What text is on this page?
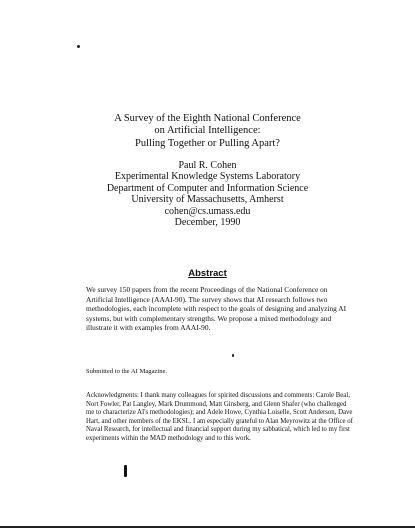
A Survey of the Eighth National Conference
on Artificial Intelligence:
Pulling Together or Pulling Apart?
Paul R. Cohen
Experimental Knowledge Systems Laboratory
Department of Computer and Information Science
University of Massachusetts, Amherst
cohen@cs.umass.edu
December, 1990
Abstract

We survey 150 papers from the recent Proceedings of the National Conference on Artificial Intelligence (AAAI-90). The survey shows that AI research follows two methodologies, each incomplete with respect to the goals of designing and analyzing AI systems, but with complementary strengths. We propose a mixed methodology and illustrate it with examples from AAAI-90.

Submitted to the AI Magazine.

Acknowledgments: I thank many colleagues for spirited discussions and comments: Carole Beal, Nort Fowler, Pat Langley, Mark Drummond, Matt Ginsberg, and Glenn Shafer (who challenged me to characterize AI's methodologies); and Adele Howe, Cynthia Loiselle, Scott Anderson, Dave Hart, and other members of the EKSL. I am especially grateful to Alan Meyrowitz at the Office of Naval Research, for intellectual and financial support during my sabbatical, which led to my first experiments within the MAD methodology and to this work.
